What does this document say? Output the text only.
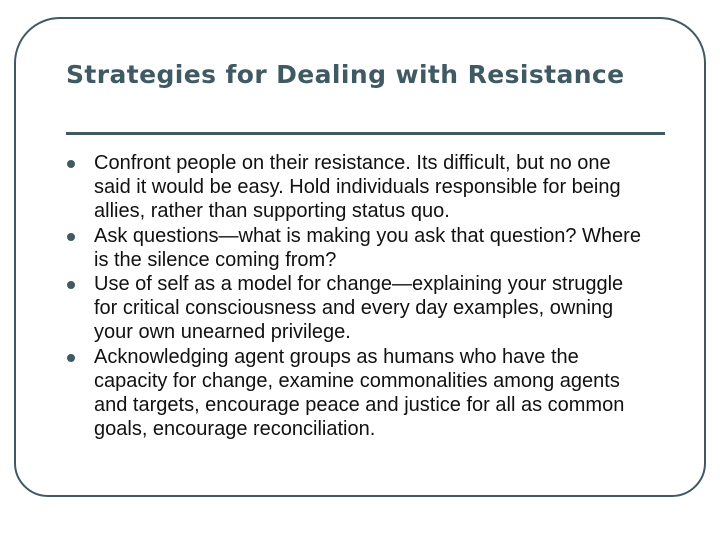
Strategies for Dealing with Resistance
Confront people on their resistance. Its difficult, but no one said it would be easy. Hold individuals responsible for being allies, rather than supporting status quo.
Ask questions—what is making you ask that question? Where is the silence coming from?
Use of self as a model for change—explaining your struggle for critical consciousness and every day examples, owning your own unearned privilege.
Acknowledging agent groups as humans who have the capacity for change, examine commonalities among agents and targets, encourage peace and justice for all as common goals, encourage reconciliation.
